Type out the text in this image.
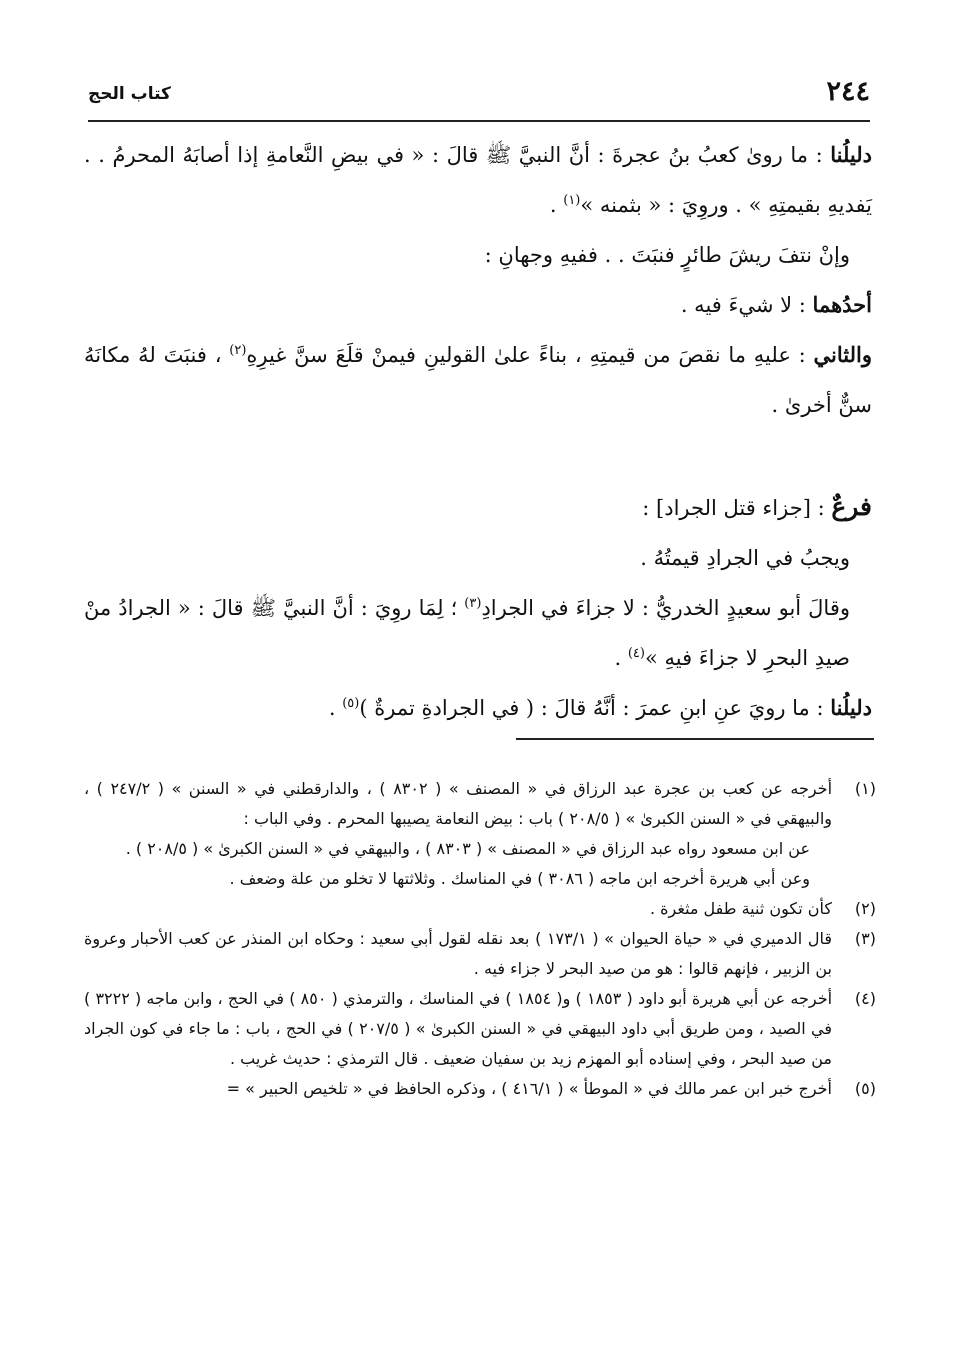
٢٤٤
كتاب الحج

دليلُنا : ما روىٰ كعبُ بنُ عجرةَ : أنَّ النبيَّ ﷺ قالَ : « في بيضِ النَّعامةِ إذا أصابَهُ المحرمُ . . يَفديهِ بقيمتِهِ » . وروِيَ : « بثمنه »$^{(١)}$ .

وإنْ نتفَ ريشَ طائرٍ فنبَتَ . . ففيهِ وجهانِ :

أحدُهما : لا شيءَ فيه .

والثاني : عليهِ ما نقصَ من قيمتِهِ ، بناءً علىٰ القولينِ فيمنْ قلَعَ سنَّ غيرِهِ$^{(٢)}$ ، فنبَتَ لهُ مكانَهُ سنٌّ أخرىٰ .

فرعٌ : [جزاء قتل الجراد] :

ويجبُ في الجرادِ قيمتُهُ .

وقالَ أبو سعيدٍ الخدريُّ : لا جزاءَ في الجرادِ$^{(٣)}$ ؛ لِمَا روِيَ : أنَّ النبيَّ ﷺ قالَ : « الجرادُ منْ صيدِ البحرِ لا جزاءَ فيهِ »$^{(٤)}$ .

دليلُنا : ما رويَ عنِ ابنِ عمرَ : أنَّهُ قالَ : ( في الجرادةِ تمرةٌ )$^{(٥)}$ .

(١)

أخرجه عن كعب بن عجرة عبد الرزاق في « المصنف » ( ٨٣٠٢ ) ، والدارقطني في « السنن » ( ٢٤٧/٢ ) ، والبيهقي في « السنن الكبرىٰ » ( ٢٠٨/٥ ) باب : بيض النعامة يصيبها المحرم . وفي الباب :

عن ابن مسعود رواه عبد الرزاق في « المصنف » ( ٨٣٠٣ ) ، والبيهقي في « السنن الكبرىٰ » ( ٢٠٨/٥ ) .

وعن أبي هريرة أخرجه ابن ماجه ( ٣٠٨٦ ) في المناسك . وثلاثتها لا تخلو من علة وضعف .

(٢)

كأن تكون ثنية طفل مثغرة .

(٣)

قال الدميري في « حياة الحيوان » ( ١٧٣/١ ) بعد نقله لقول أبي سعيد : وحكاه ابن المنذر عن كعب الأحبار وعروة بن الزبير ، فإنهم قالوا : هو من صيد البحر لا جزاء فيه .

(٤)

أخرجه عن أبي هريرة أبو داود ( ١٨٥٣ ) و( ١٨٥٤ ) في المناسك ، والترمذي ( ٨٥٠ ) في الحج ، وابن ماجه ( ٣٢٢٢ ) في الصيد ، ومن طريق أبي داود البيهقي في « السنن الكبرىٰ » ( ٢٠٧/٥ ) في الحج ، باب : ما جاء في كون الجراد من صيد البحر ، وفي إسناده أبو المهزم زيد بن سفيان ضعيف . قال الترمذي : حديث غريب .

(٥)

أخرج خبر ابن عمر مالك في « الموطأ » ( ٤١٦/١ ) ، وذكره الحافظ في « تلخيص الحبير » =
